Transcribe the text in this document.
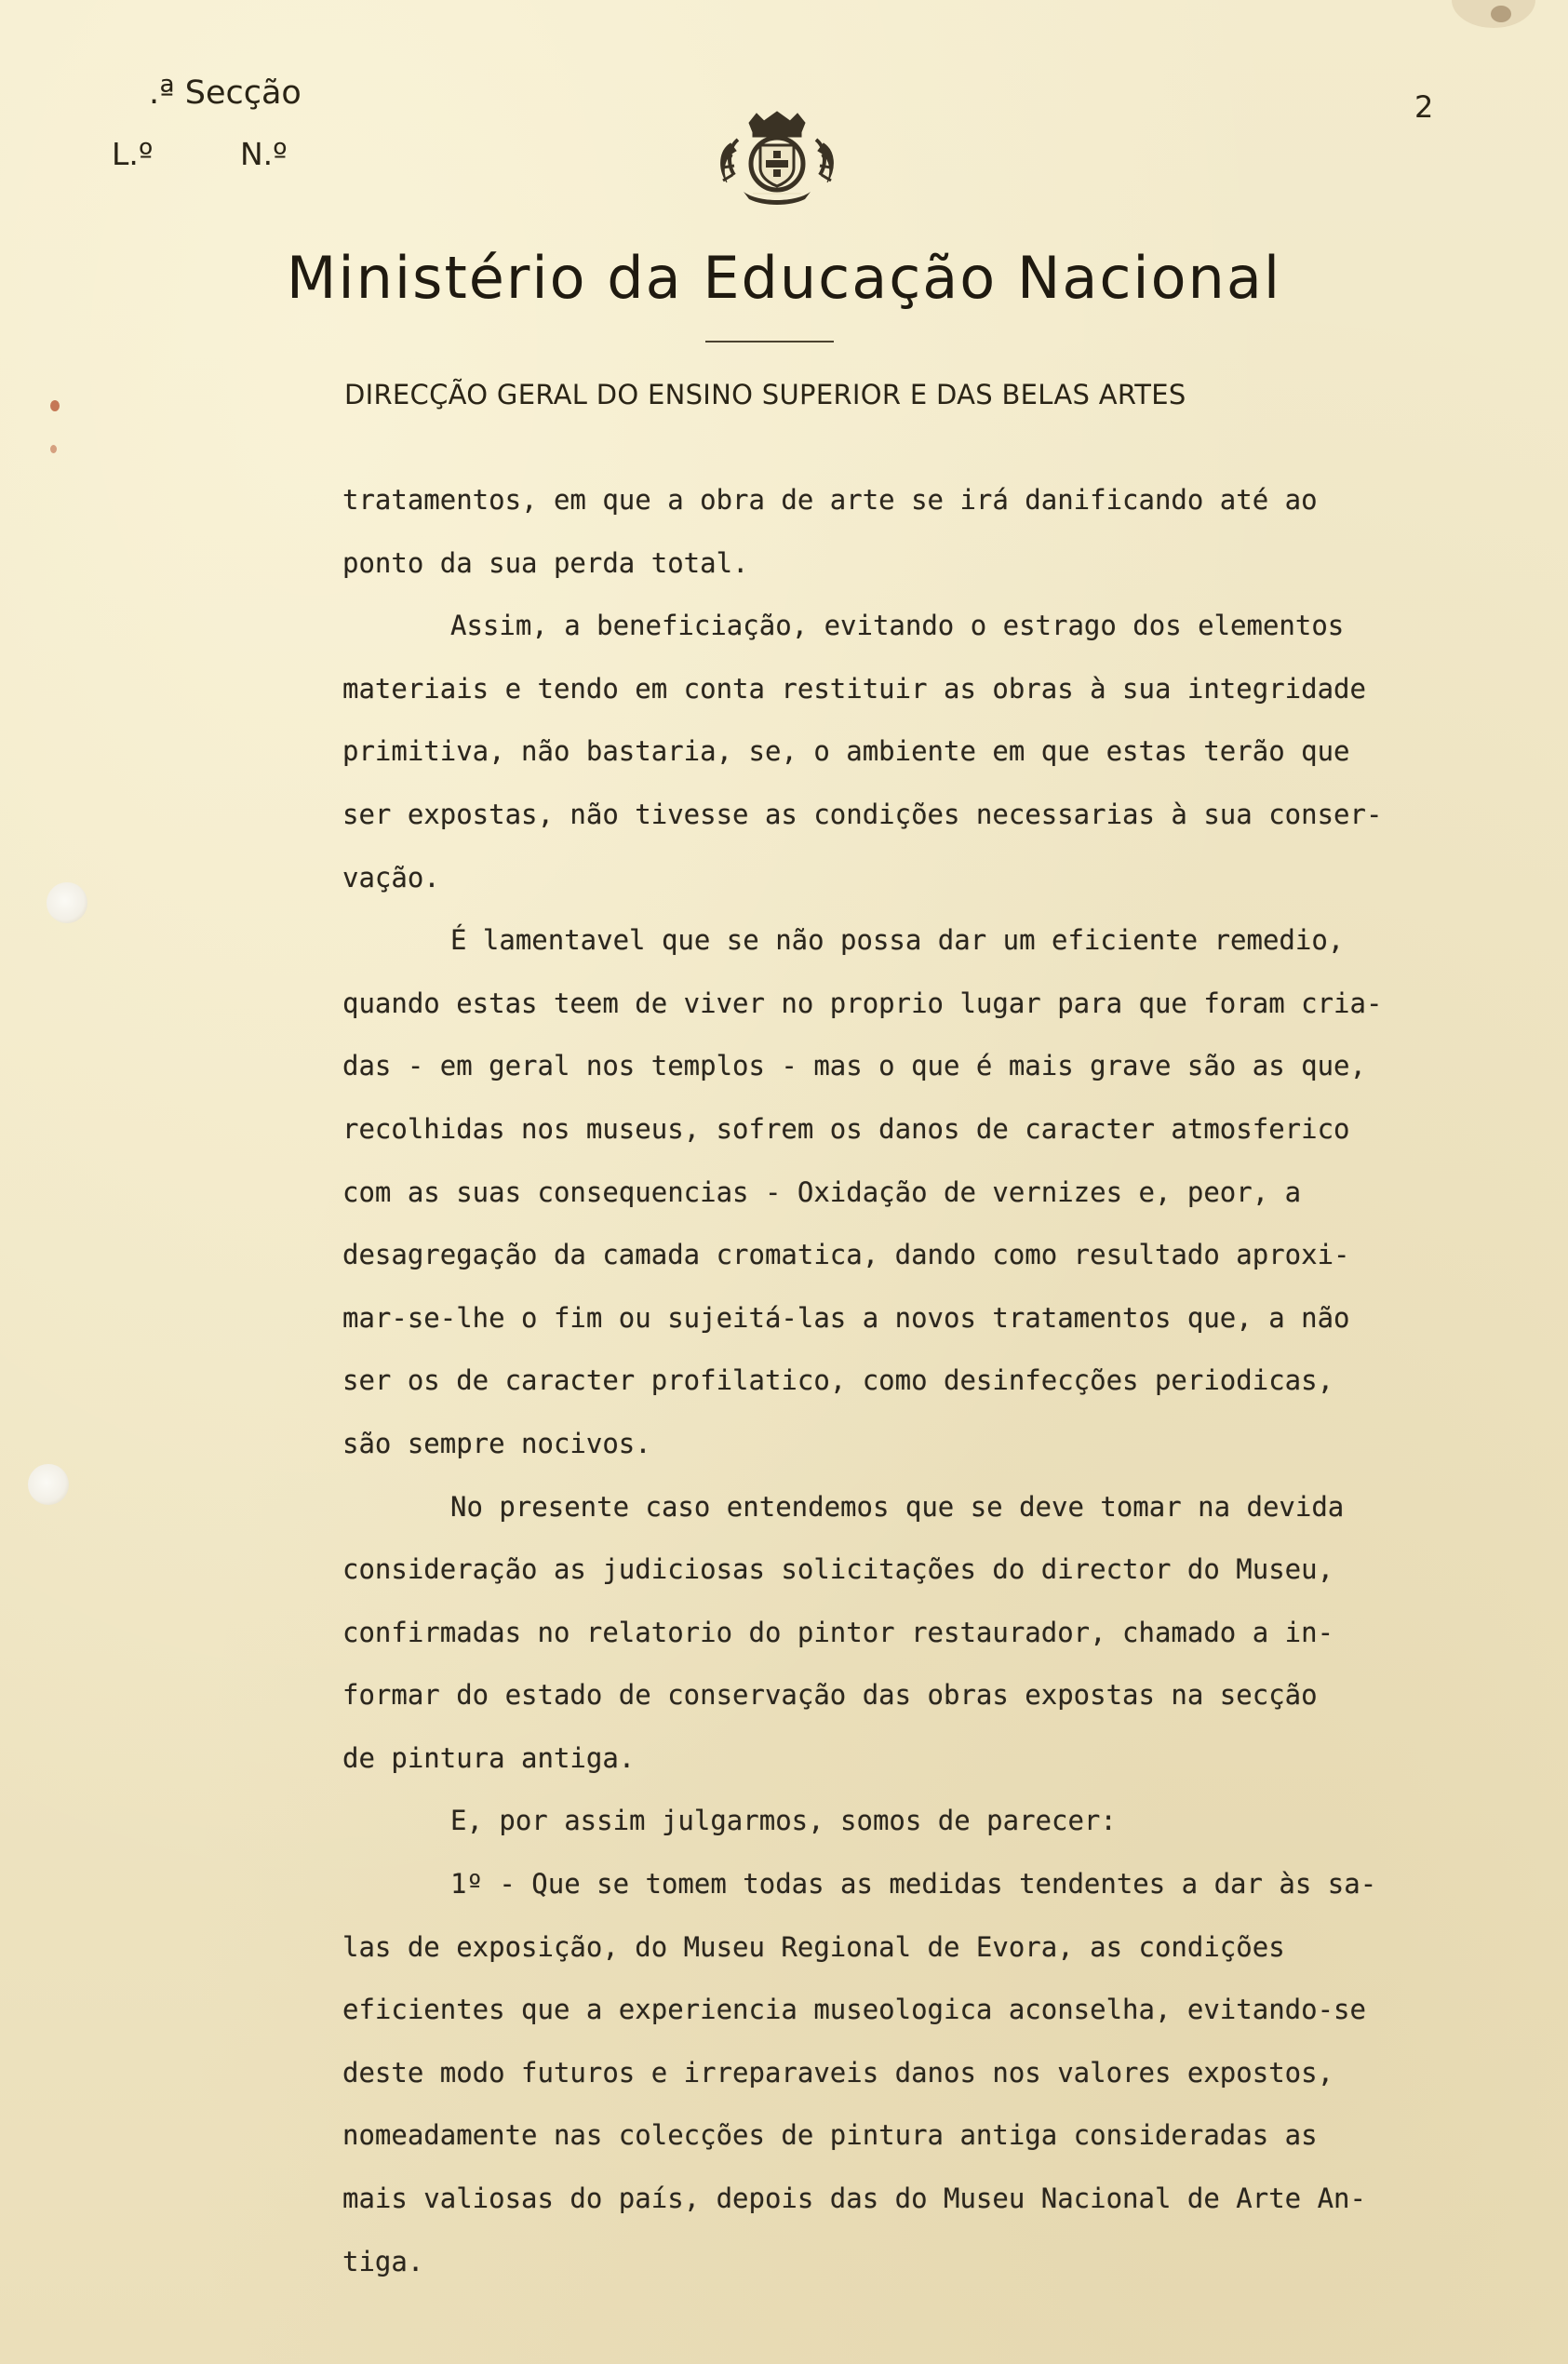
.ª Secção
L.º	N.º
2
Ministério da Educação Nacional
DIRECÇÃO GERAL DO ENSINO SUPERIOR E DAS BELAS ARTES
tratamentos, em que a obra de arte se irá danificando até ao
ponto da sua perda total.
Assim, a beneficiação, evitando o estrago dos elementos
materiais e tendo em conta restituir as obras à sua integridade
primitiva, não bastaria, se, o ambiente em que estas terão que
ser expostas, não tivesse as condições necessarias à sua conser-
vação.
É lamentavel que se não possa dar um eficiente remedio,
quando estas teem de viver no proprio lugar para que foram cria-
das - em geral nos templos - mas o que é mais grave são as que,
recolhidas nos museus, sofrem os danos de caracter atmosferico
com as suas consequencias - Oxidação de vernizes e, peor, a
desagregação da camada cromatica, dando como resultado aproxi-
mar-se-lhe o fim ou sujeitá-las a novos tratamentos que, a não
ser os de caracter profilatico, como desinfecções periodicas,
são sempre nocivos.
No presente caso entendemos que se deve tomar na devida
consideração as judiciosas solicitações do director do Museu,
confirmadas no relatorio do pintor restaurador, chamado a in-
formar do estado de conservação das obras expostas na secção
de pintura antiga.
E, por assim julgarmos, somos de parecer:
1º - Que se tomem todas as medidas tendentes a dar às sa-
las de exposição, do Museu Regional de Evora, as condições
eficientes que a experiencia museologica aconselha, evitando-se
deste modo futuros e irreparaveis danos nos valores expostos,
nomeadamente nas colecções de pintura antiga consideradas as
mais valiosas do país, depois das do Museu Nacional de Arte An-
tiga.
